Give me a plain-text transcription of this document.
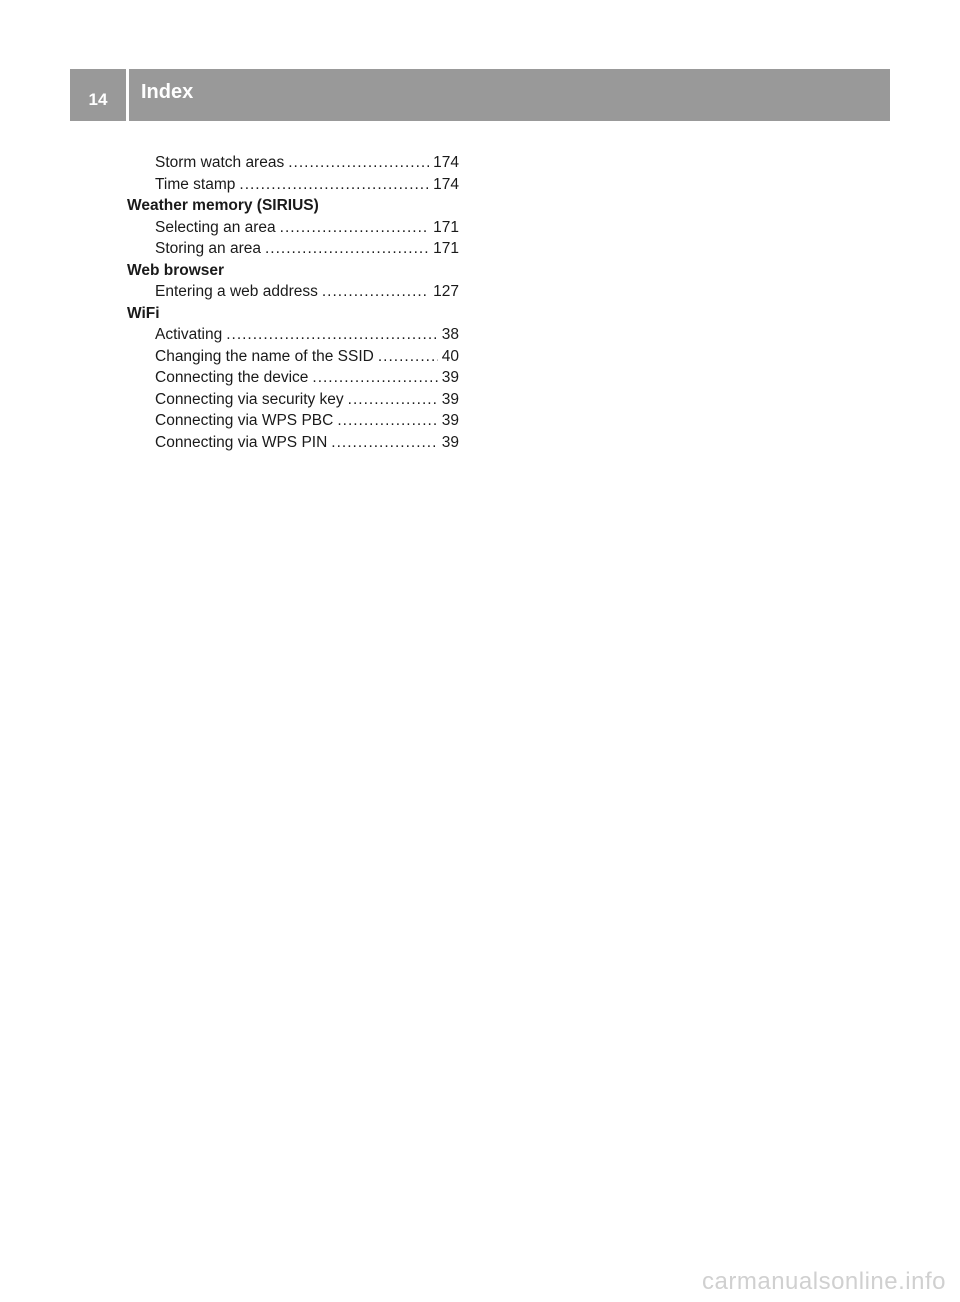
14	Index
Storm watch areas .....	174
Time stamp .....	174
Weather memory (SIRIUS)
Selecting an area .....	171
Storing an area .....	171
Web browser
Entering a web address .....	127
WiFi
Activating .....	38
Changing the name of the SSID .....	40
Connecting the device .....	39
Connecting via security key .....	39
Connecting via WPS PBC .....	39
Connecting via WPS PIN .....	39
carmanualsonline.info
